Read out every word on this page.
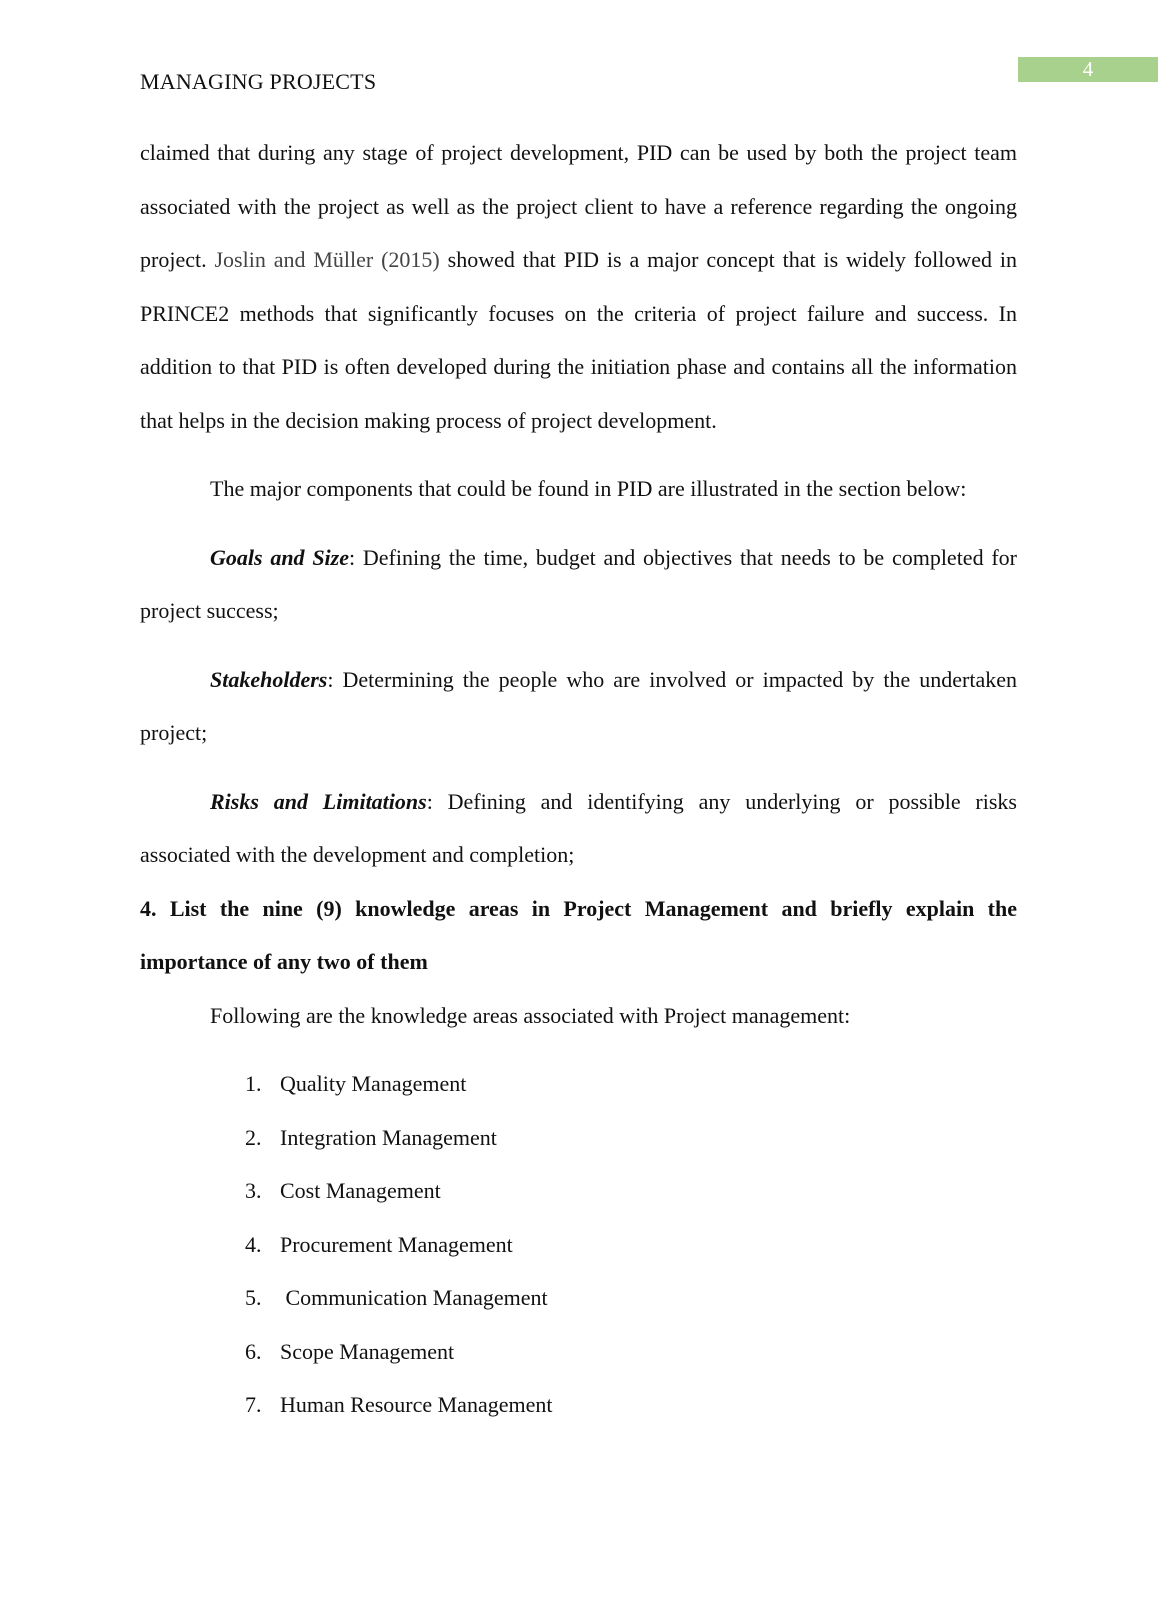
4
MANAGING PROJECTS

claimed that during any stage of project development, PID can be used by both the project team associated with the project as well as the project client to have a reference regarding the ongoing project. Joslin and Müller (2015) showed that PID is a major concept that is widely followed in PRINCE2 methods that significantly focuses on the criteria of project failure and success. In addition to that PID is often developed during the initiation phase and contains all the information that helps in the decision making process of project development.

The major components that could be found in PID are illustrated in the section below:

Goals and Size: Defining the time, budget and objectives that needs to be completed for project success;

Stakeholders: Determining the people who are involved or impacted by the undertaken project;

Risks and Limitations: Defining and identifying any underlying or possible risks associated with the development and completion;

4. List the nine (9) knowledge areas in Project Management and briefly explain the importance of any two of them

Following are the knowledge areas associated with Project management:

1. Quality Management
2. Integration Management
3. Cost Management
4. Procurement Management
5. Communication Management
6. Scope Management
7. Human Resource Management
